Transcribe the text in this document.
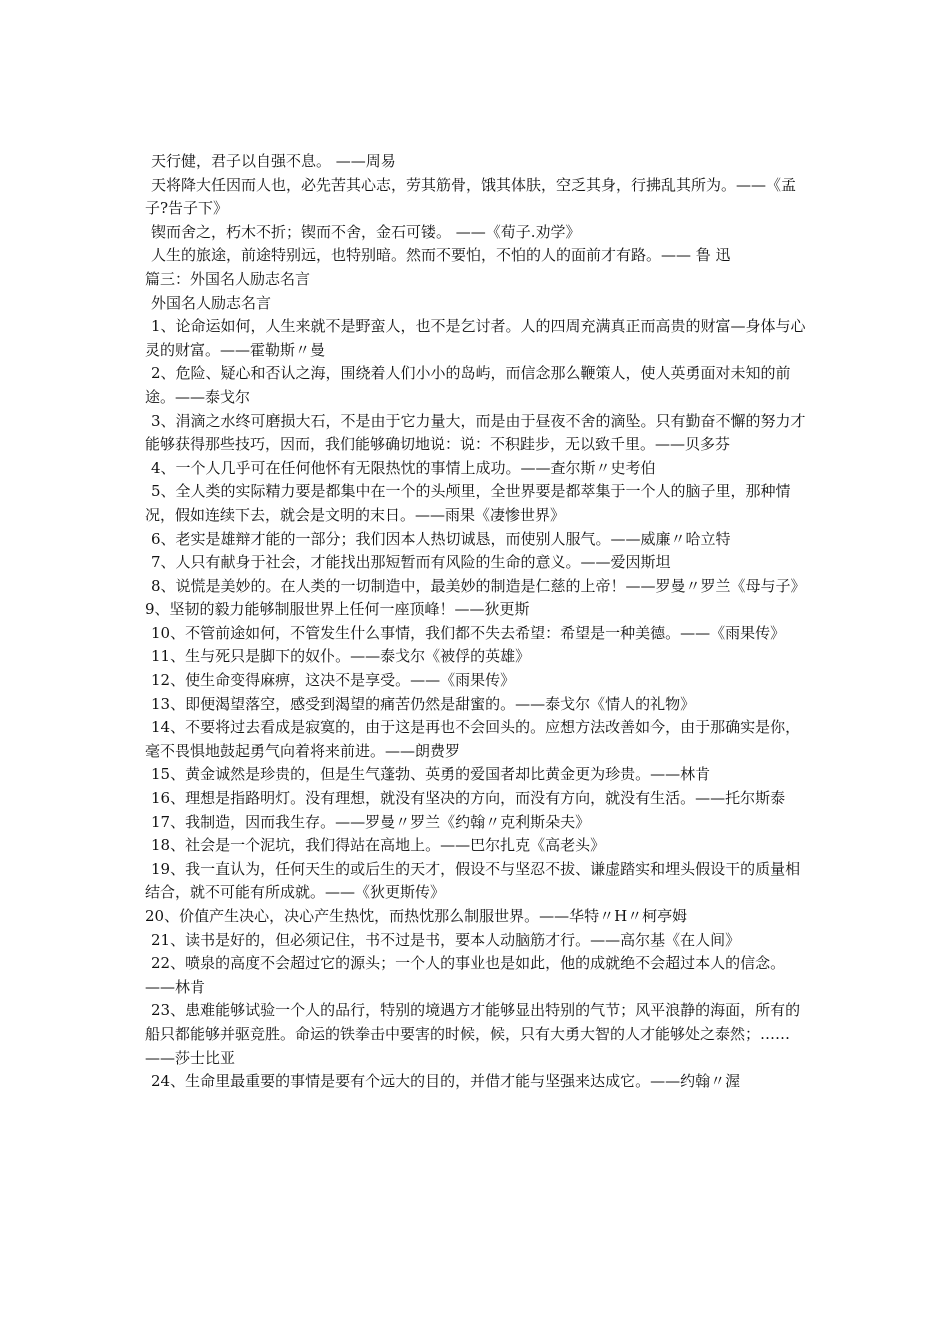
天行健，君子以自强不息。 ——周易

天将降大任因而人也，必先苦其心志，劳其筋骨，饿其体肤，空乏其身，行拂乱其所为。——《孟子?告子下》

锲而舍之，朽木不折；锲而不舍，金石可镂。 ——《荀子.劝学》

人生的旅途，前途特别远，也特别暗。然而不要怕，不怕的人的面前才有路。—— 鲁 迅

篇三：外国名人励志名言

外国名人励志名言

1、论命运如何，人生来就不是野蛮人，也不是乞讨者。人的四周充满真正而高贵的财富—身体与心灵的财富。——霍勒斯〃曼

2、危险、疑心和否认之海，围绕着人们小小的岛屿，而信念那么鞭策人，使人英勇面对未知的前途。——泰戈尔

3、涓滴之水终可磨损大石，不是由于它力量大，而是由于昼夜不舍的滴坠。只有勤奋不懈的努力才能够获得那些技巧，因而，我们能够确切地说：说：不积跬步，无以致千里。——贝多芬

4、一个人几乎可在任何他怀有无限热忱的事情上成功。——查尔斯〃史考伯

5、全人类的实际精力要是都集中在一个的头颅里，全世界要是都萃集于一个人的脑子里，那种情况，假如连续下去，就会是文明的末日。——雨果《凄惨世界》

6、老实是雄辩才能的一部分；我们因本人热切诚恳，而使别人服气。——威廉〃哈立特

7、人只有献身于社会，才能找出那短暂而有风险的生命的意义。——爱因斯坦

8、说慌是美妙的。在人类的一切制造中，最美妙的制造是仁慈的上帝！——罗曼〃罗兰《母与子》

9、坚韧的毅力能够制服世界上任何一座顶峰！——狄更斯

10、不管前途如何，不管发生什么事情，我们都不失去希望：希望是一种美德。——《雨果传》

11、生与死只是脚下的奴仆。——泰戈尔《被俘的英雄》

12、使生命变得麻痹，这决不是享受。——《雨果传》

13、即便渴望落空，感受到渴望的痛苦仍然是甜蜜的。——泰戈尔《情人的礼物》

14、不要将过去看成是寂寞的，由于这是再也不会回头的。应想方法改善如今，由于那确实是你，毫不畏惧地鼓起勇气向着将来前进。——朗费罗

15、黄金诚然是珍贵的，但是生气蓬勃、英勇的爱国者却比黄金更为珍贵。——林肯

16、理想是指路明灯。没有理想，就没有坚决的方向，而没有方向，就没有生活。——托尔斯泰

17、我制造，因而我生存。——罗曼〃罗兰《约翰〃克利斯朵夫》

18、社会是一个泥坑，我们得站在高地上。——巴尔扎克《高老头》

19、我一直认为，任何天生的或后生的天才，假设不与坚忍不拔、谦虚踏实和埋头假设干的质量相结合，就不可能有所成就。——《狄更斯传》

20、价值产生决心，决心产生热忱，而热忱那么制服世界。——华特〃H〃柯亭姆

21、读书是好的，但必须记住，书不过是书，要本人动脑筋才行。——高尔基《在人间》

22、喷泉的高度不会超过它的源头；一个人的事业也是如此，他的成就绝不会超过本人的信念。——林肯

23、患难能够试验一个人的品行，特别的境遇方才能够显出特别的气节；风平浪静的海面，所有的船只都能够并驱竞胜。命运的铁拳击中要害的时候，候，只有大勇大智的人才能够处之泰然；……——莎士比亚

24、生命里最重要的事情是要有个远大的目的，并借才能与坚强来达成它。——约翰〃渥
